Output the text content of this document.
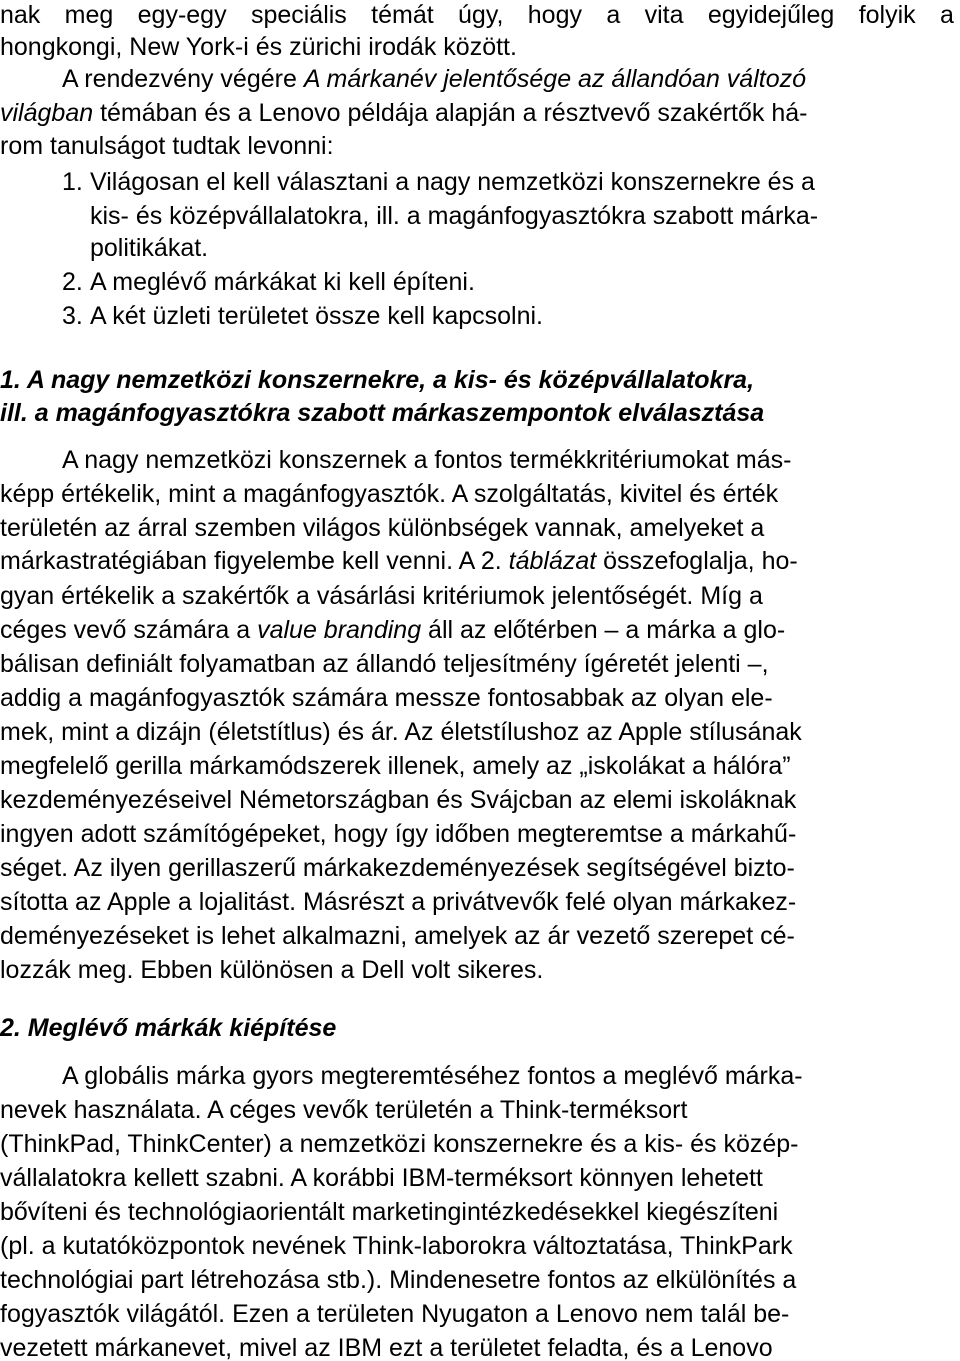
nak meg egy-egy speciális témát úgy, hogy a vita egyidejűleg folyik a
hongkongi, New York-i és zürichi irodák között.
A rendezvény végére A márkanév jelentősége az állandóan változó
világban témában és a Lenovo példája alapján a résztvevő szakértők há-
rom tanulságot tudtak levonni:
1. Világosan el kell választani a nagy nemzetközi konszernekre és a
kis- és középvállalatokra, ill. a magánfogyasztókra szabott márka-
politikákat.
2. A meglévő márkákat ki kell építeni.
3. A két üzleti területet össze kell kapcsolni.
1. A nagy nemzetközi konszernekre, a kis- és középvállalatokra,
ill. a magánfogyasztókra szabott márkaszempontok elválasztása
A nagy nemzetközi konszernek a fontos termékkritériumokat más-
képp értékelik, mint a magánfogyasztók. A szolgáltatás, kivitel és érték
területén az árral szemben világos különbségek vannak, amelyeket a
márkastratégiában figyelembe kell venni. A 2. táblázat összefoglalja, ho-
gyan értékelik a szakértők a vásárlási kritériumok jelentőségét. Míg a
céges vevő számára a value branding áll az előtérben – a márka a glo-
bálisan definiált folyamatban az állandó teljesítmény ígéretét jelenti –,
addig a magánfogyasztók számára messze fontosabbak az olyan ele-
mek, mint a dizájn (életstítlus) és ár. Az életstílushoz az Apple stílusának
megfelelő gerilla márkamódszerek illenek, amely az „iskolákat a hálóra”
kezdeményezéseivel Németországban és Svájcban az elemi iskoláknak
ingyen adott számítógépeket, hogy így időben megteremtse a márkahű-
séget. Az ilyen gerillaszerű márkakezdeményezések segítségével bizto-
sította az Apple a lojalitást. Másrészt a privátvevők felé olyan márkakez-
deményezéseket is lehet alkalmazni, amelyek az ár vezető szerepet cé-
lozzák meg. Ebben különösen a Dell volt sikeres.
2. Meglévő márkák kiépítése
A globális márka gyors megteremtéséhez fontos a meglévő márka-
nevek használata. A céges vevők területén a Think-terméksort
(ThinkPad, ThinkCenter) a nemzetközi konszernekre és a kis- és közép-
vállalatokra kellett szabni. A korábbi IBM-terméksort könnyen lehetett
bővíteni és technológiaorientált marketingintézkedésekkel kiegészíteni
(pl. a kutatóközpontok nevének Think-laborokra változtatása, ThinkPark
technológiai part létrehozása stb.). Mindenesetre fontos az elkülönítés a
fogyasztók világától. Ezen a területen Nyugaton a Lenovo nem talál be-
vezetett márkanevet, mivel az IBM ezt a területet feladta, és a Lenovo
